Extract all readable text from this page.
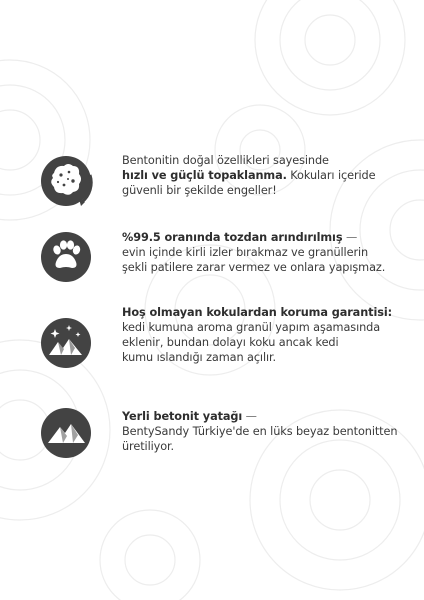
Bentonitin doğal özellikleri sayesinde
hızlı ve güçlü topaklanma. Kokuları içeride
güvenli bir şekilde engeller!
%99.5 oranında tozdan arındırılmış —
evin içinde kirli izler bırakmaz ve granüllerin
şekli patilere zarar vermez ve onlara yapışmaz.
Hoş olmayan kokulardan koruma garantisi:
kedi kumuna aroma granül yapım aşamasında
eklenir, bundan dolayı koku ancak kedi
kumu ıslandığı zaman açılır.
Yerli betonit yatağı —
BentySandy Türkiye'de en lüks beyaz bentonitten
üretiliyor.
